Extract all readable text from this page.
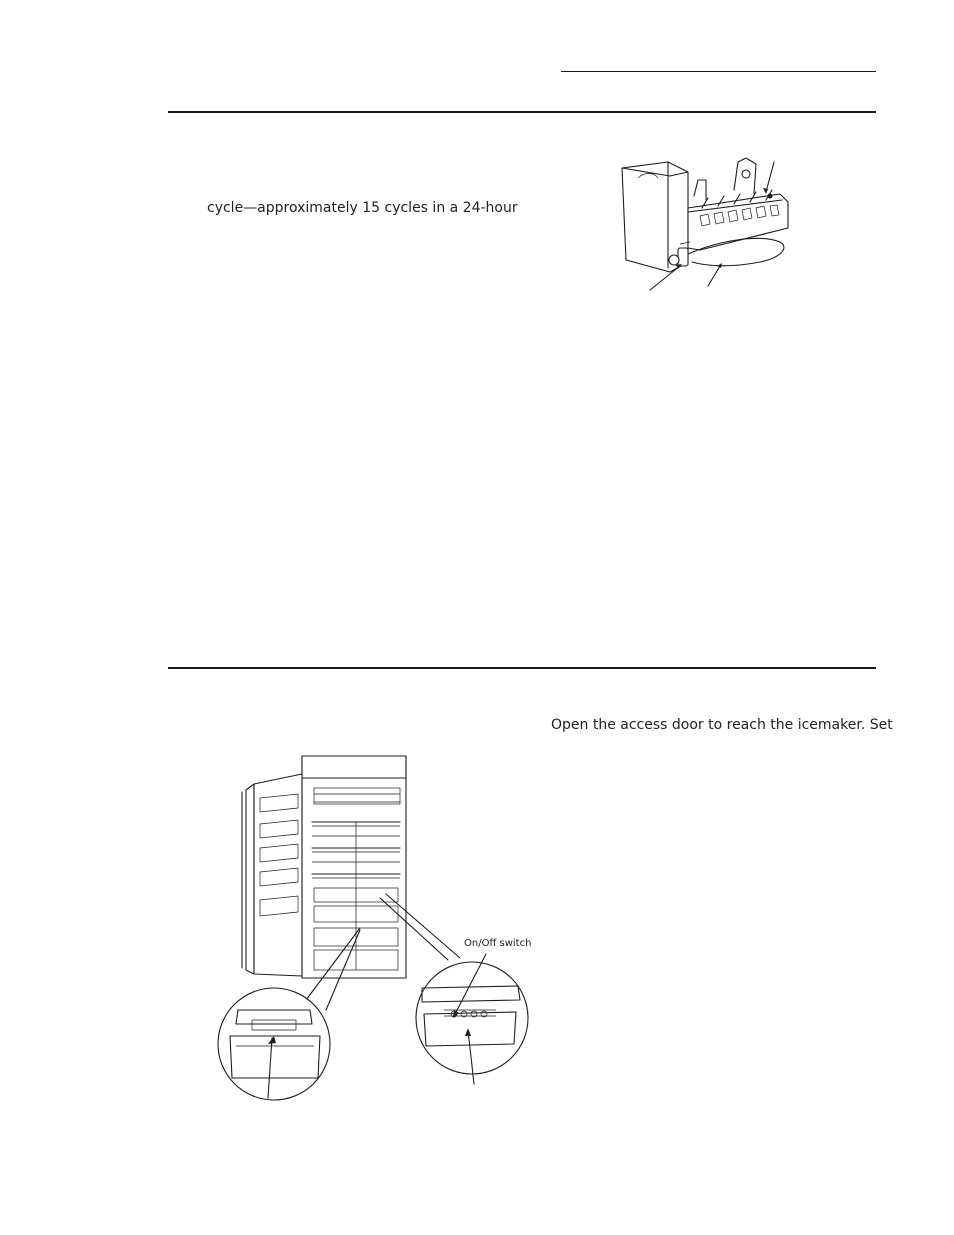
cycle—approximately 15 cycles in a 24-hour
Open the access door to reach the icemaker. Set
On/Off switch
